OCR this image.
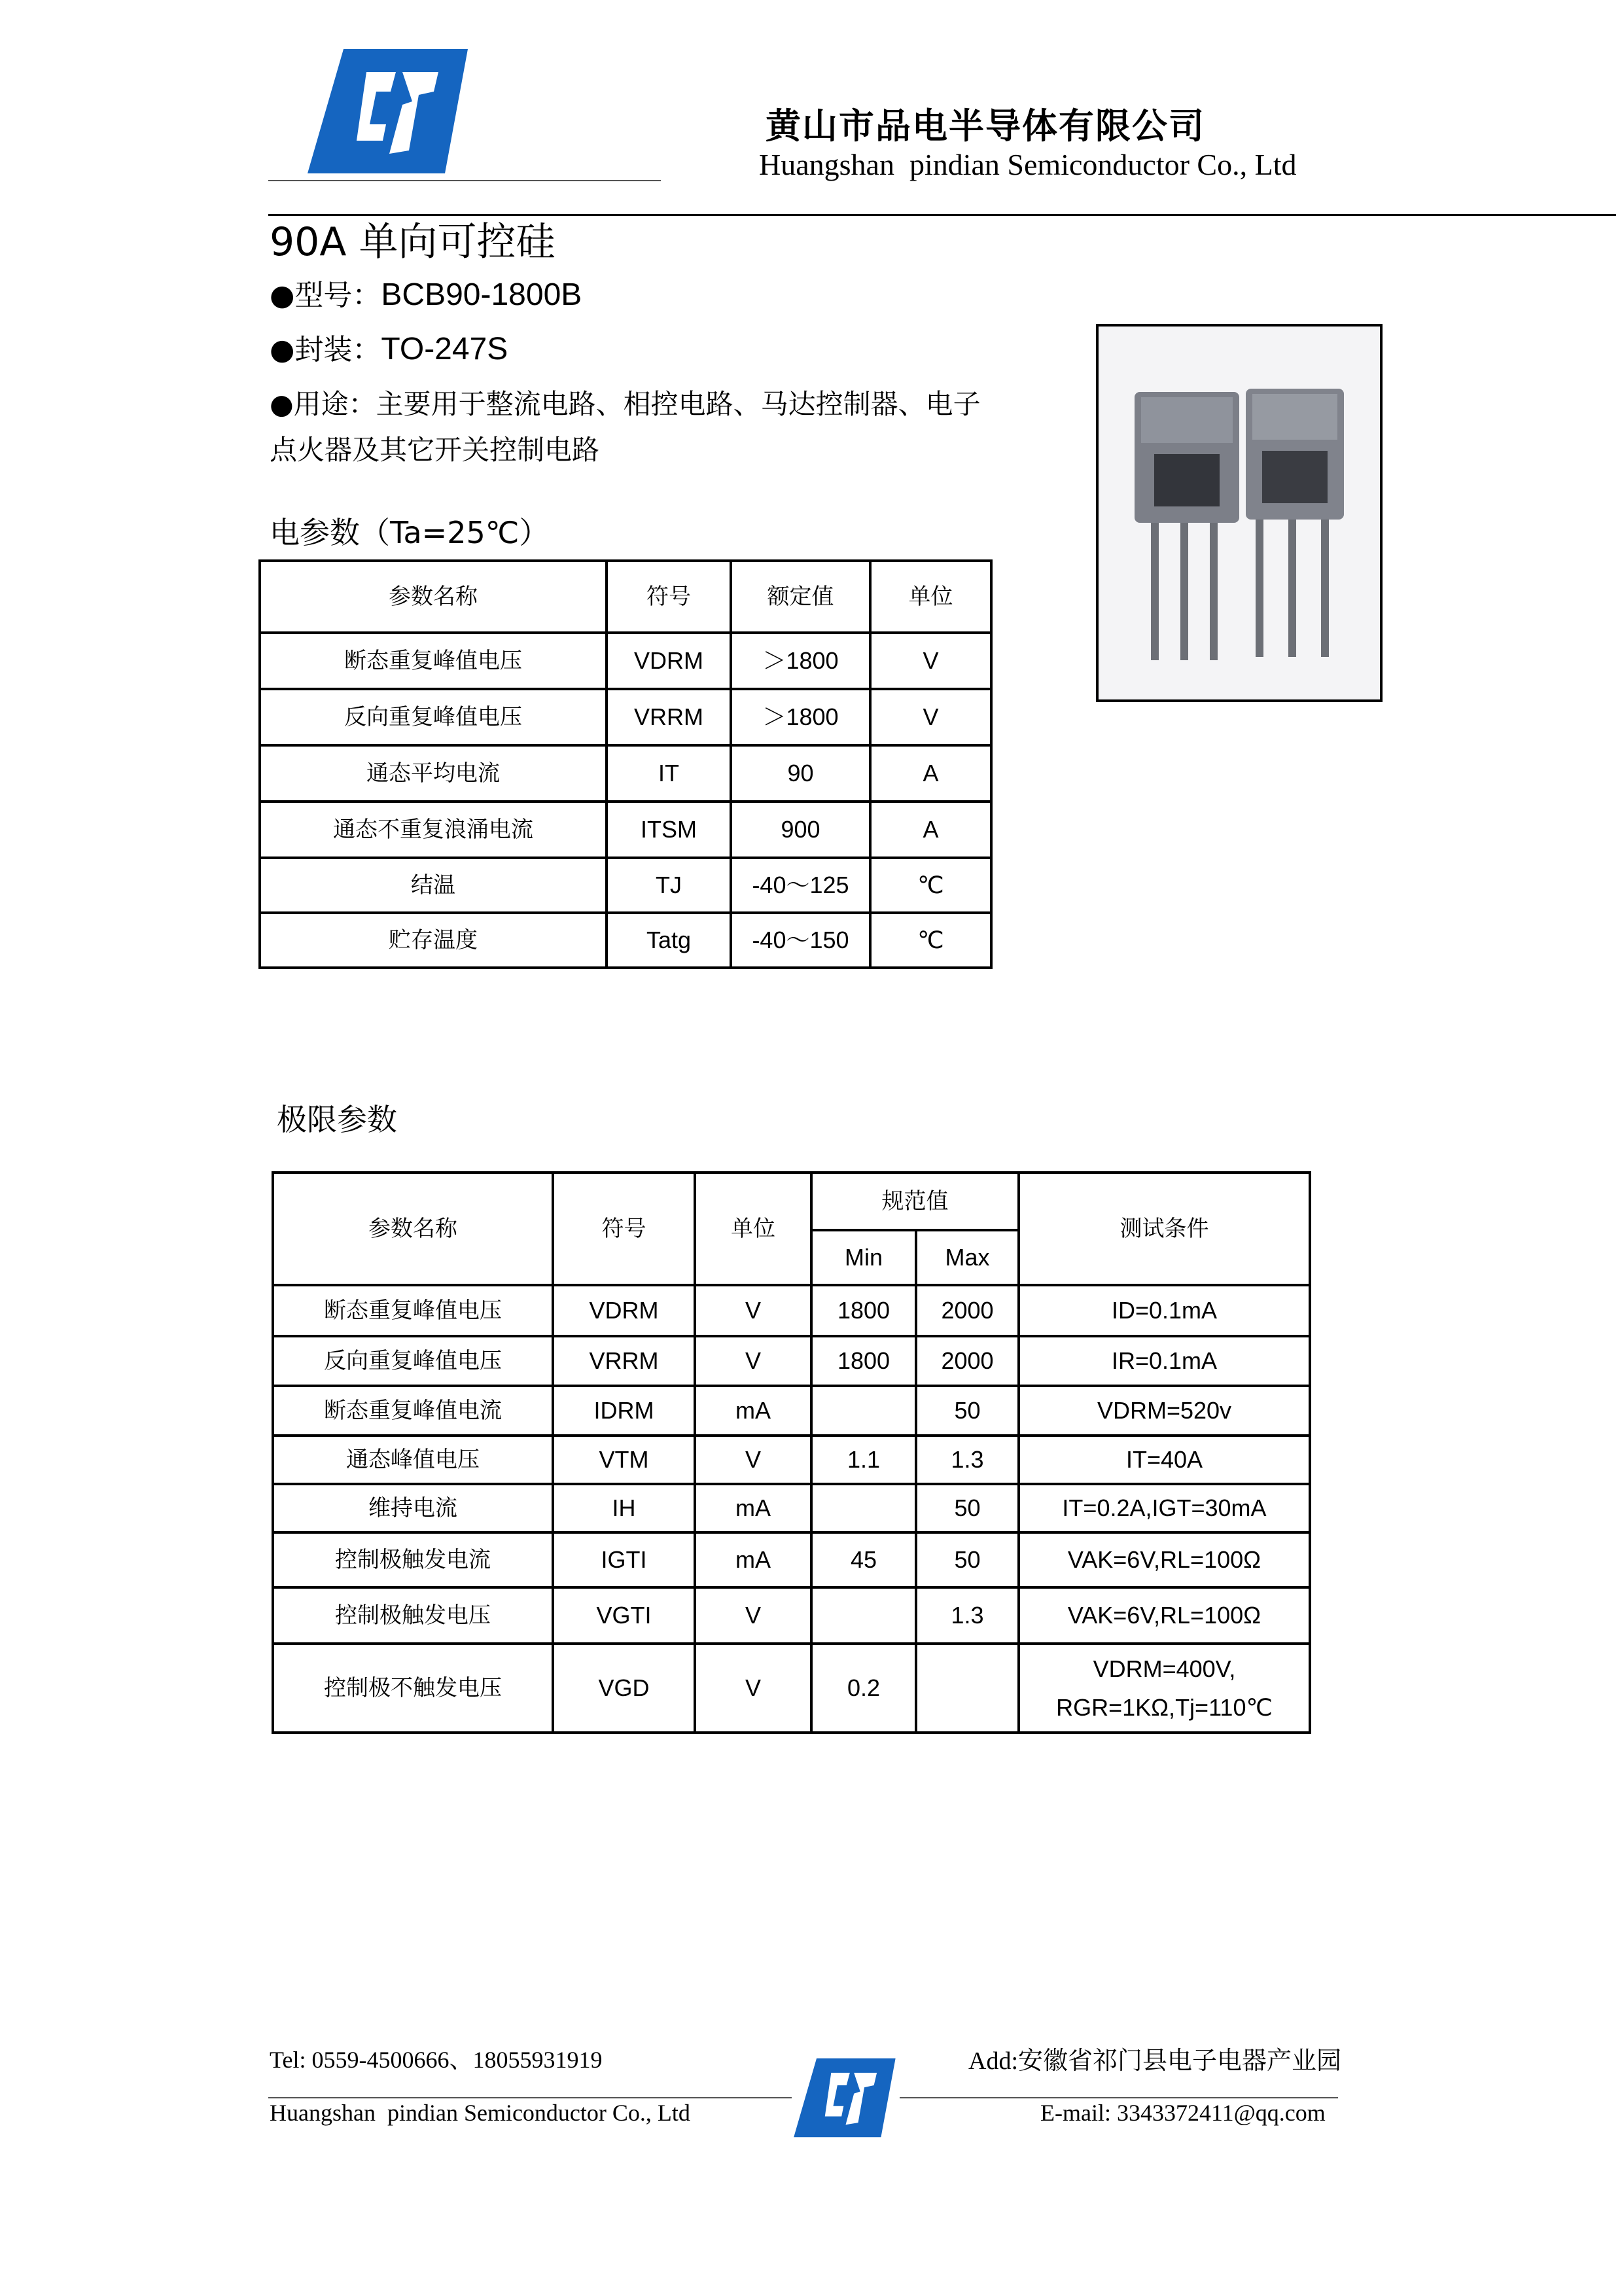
黄山市品电半导体有限公司
Huangshan  pindian Semiconductor Co., Ltd
90A 单向可控硅
●型号：BCB90-1800B
●封装：TO-247S
●用途：主要用于整流电路、相控电路、马达控制器、电子
点火器及其它开关控制电路
电参数（Ta=25℃）
参数名称	符号	额定值	单位
断态重复峰值电压	VDRM	＞1800	V
反向重复峰值电压	VRRM	＞1800	V
通态平均电流	IT	90	A
通态不重复浪涌电流	ITSM	900	A
结温	TJ	-40～125	℃
贮存温度	Tatg	-40～150	℃
极限参数
参数名称	符号	单位	规范值		测试条件
			Min	Max	
断态重复峰值电压	VDRM	V	1800	2000	ID=0.1mA
反向重复峰值电压	VRRM	V	1800	2000	IR=0.1mA
断态重复峰值电流	IDRM	mA		50	VDRM=520v
通态峰值电压	VTM	V	1.1	1.3	IT=40A
维持电流	IH	mA		50	IT=0.2A,IGT=30mA
控制极触发电流	IGTI	mA	45	50	VAK=6V,RL=100Ω
控制极触发电压	VGTI	V		1.3	VAK=6V,RL=100Ω
控制极不触发电压	VGD	V	0.2		VDRM=400V,
RGR=1KΩ,Tj=110℃
Tel: 0559-4500666、18055931919	Add:安徽省祁门县电子电器产业园
Huangshan  pindian Semiconductor Co., Ltd	E-mail: 3343372411@qq.com
